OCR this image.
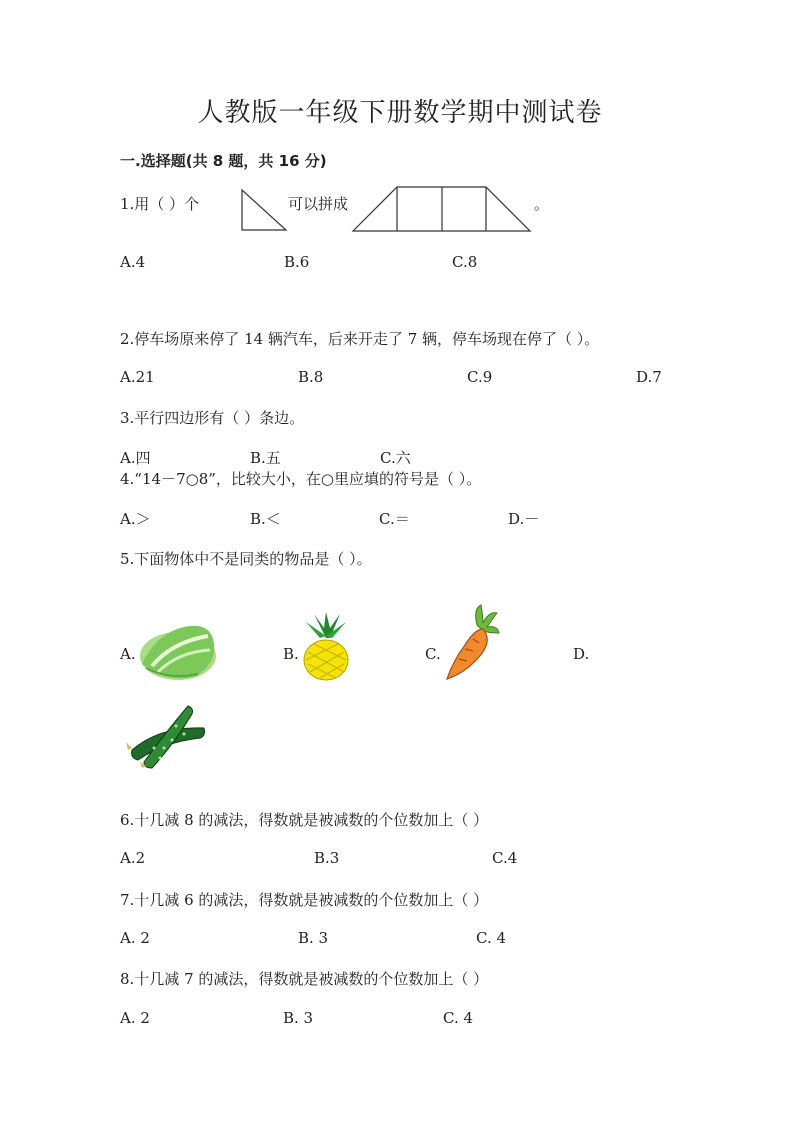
人教版一年级下册数学期中测试卷
一.选择题(共 8 题，共 16 分)
1.用（ ）个	可以拼成	。
A.4	B.6	C.8
2.停车场原来停了 14 辆汽车，后来开走了 7 辆，停车场现在停了（ ）。
A.21	B.8	C.9	D.7
3.平行四边形有（ ）条边。
A.四	B.五	C.六
4.“14－7○8”，比较大小，在○里应填的符号是（ ）。
A.＞	B.＜	C.＝	D.－
5.下面物体中不是同类的物品是（ ）。
A.	B.	C.	D.
6.十几减 8 的减法，得数就是被减数的个位数加上（ ）
A.2	B.3	C.4
7.十几减 6 的减法，得数就是被减数的个位数加上（ ）
A. 2	B. 3	C. 4
8.十几减 7 的减法，得数就是被减数的个位数加上（ ）
A. 2	B. 3	C. 4
